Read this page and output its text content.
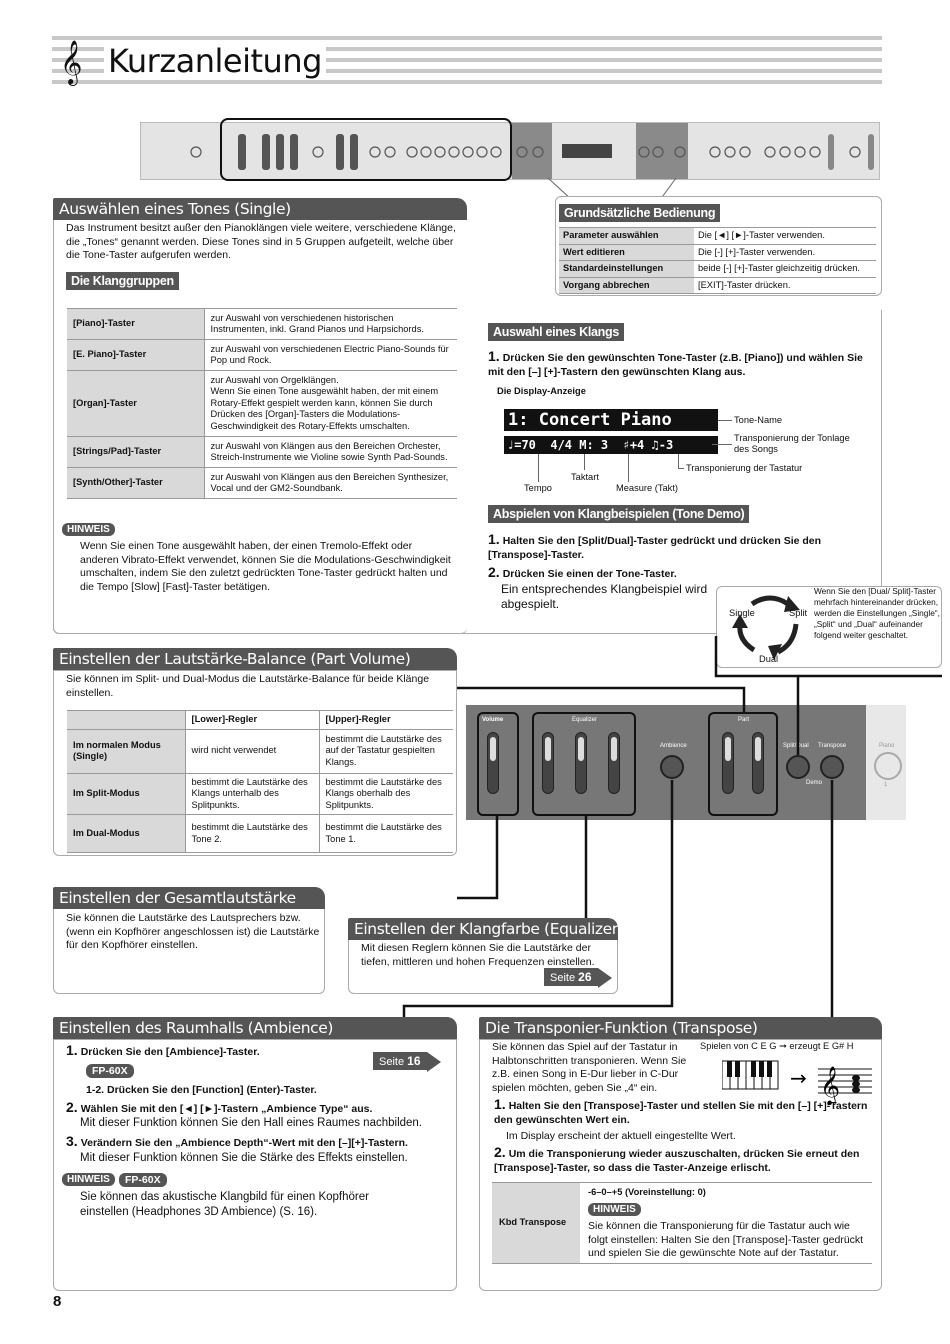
𝄞 Kurzanleitung
Auswählen eines Tones (Single)
Das Instrument besitzt außer den Pianoklängen viele weitere, verschiedene Klänge, die „Tones“ genannt werden. Diese Tones sind in 5 Gruppen aufgeteilt, welche über die Tone-Taster aufgerufen werden.
Die Klanggruppen
[Piano]-Taster	zur Auswahl von verschiedenen historischen Instrumenten, inkl. Grand Pianos und Harpsichords.
[E. Piano]-Taster	zur Auswahl von verschiedenen Electric Piano-Sounds für Pop und Rock.
[Organ]-Taster	zur Auswahl von Orgelklängen.
Wenn Sie einen Tone ausgewählt haben, der mit einem Rotary-Effekt gespielt werden kann, können Sie durch Drücken des [Organ]-Tasters die Modulations-Geschwindigkeit des Rotary-Effekts umschalten.
[Strings/Pad]-Taster	zur Auswahl von Klängen aus den Bereichen Orchester, Streich-Instrumente wie Violine sowie Synth Pad-Sounds.
[Synth/Other]-Taster	zur Auswahl von Klängen aus den Bereichen Synthesizer, Vocal und der GM2-Soundbank.
HINWEIS
Wenn Sie einen Tone ausgewählt haben, der einen Tremolo-Effekt oder anderen Vibrato-Effekt verwendet, können Sie die Modulations-Geschwindigkeit umschalten, indem Sie den zuletzt gedrückten Tone-Taster gedrückt halten und die Tempo [Slow] [Fast]-Taster betätigen.
Grundsätzliche Bedienung
Parameter auswählen	Die [◄] [►]-Taster verwenden.
Wert editieren	Die [-] [+]-Taster verwenden.
Standardeinstellungen	beide [-] [+]-Taster gleichzeitig drücken.
Vorgang abbrechen	[EXIT]-Taster drücken.
Auswahl eines Klangs
1. Drücken Sie den gewünschten Tone-Taster (z.B. [Piano]) und wählen Sie mit den [–] [+]-Tastern den gewünschten Klang aus.
Die Display-Anzeige
1: Concert Piano
♩=70  4/4 M: 3  ♯+4 ♫-3
Tone-Name
Transponierung der Tonlage des Songs
Transponierung der Tastatur
Taktart
Tempo	Measure (Takt)
Abspielen von Klangbeispielen (Tone Demo)
1. Halten Sie den [Split/Dual]-Taster gedrückt und drücken Sie den [Transpose]-Taster.
2. Drücken Sie einen der Tone-Taster.
Ein entsprechendes Klangbeispiel wird abgespielt.
Single	Split
Dual
Wenn Sie den [Dual/ Split]-Taster mehrfach hintereinander drücken, werden die Einstellungen „Single“, „Split“ und „Dual“ aufeinander folgend weiter geschaltet.
Einstellen der Lautstärke-Balance (Part Volume)
Sie können im Split- und Dual-Modus die Lautstärke-Balance für beide Klänge einstellen.
	[Lower]-Regler	[Upper]-Regler
Im normalen Modus (Single)	wird nicht verwendet	bestimmt die Lautstärke des auf der Tastatur gespielten Klangs.
Im Split-Modus	bestimmt die Lautstärke des Klangs unterhalb des Splitpunkts.	bestimmt die Lautstärke des Klangs oberhalb des Splitpunkts.
Im Dual-Modus	bestimmt die Lautstärke des Tone 2.	bestimmt die Lautstärke des Tone 1.
Volume	Equalizer
Ambience
Part
Split/Dual Transpose
Demo
Piano
1
Einstellen der Gesamtlautstärke
Sie können die Lautstärke des Lautsprechers bzw. (wenn ein Kopfhörer angeschlossen ist) die Lautstärke für den Kopfhörer einstellen.
Einstellen der Klangfarbe (Equalizer)
Mit diesen Reglern können Sie die Lautstärke der tiefen, mittleren und hohen Frequenzen einstellen.
Seite 26
Einstellen des Raumhalls (Ambience)
1. Drücken Sie den [Ambience]-Taster.
Seite 16
FP-60X
1-2. Drücken Sie den [Function] (Enter)-Taster.
2. Wählen Sie mit den [◄] [►]-Tastern „Ambience Type“ aus.
Mit dieser Funktion können Sie den Hall eines Raumes nachbilden.
3. Verändern Sie den „Ambience Depth“-Wert mit den [–][+]-Tastern.
Mit dieser Funktion können Sie die Stärke des Effekts einstellen.
HINWEIS	FP-60X
Sie können das akustische Klangbild für einen Kopfhörer einstellen (Headphones 3D Ambience) (S. 16).
Die Transponier-Funktion (Transpose)
Sie können das Spiel auf der Tastatur in Halbtonschritten transponieren. Wenn Sie z.B. einen Song in E-Dur lieber in C-Dur spielen möchten, geben Sie „4“ ein.
Spielen von C E G ➞ erzeugt E G# H
→ 𝄞
1. Halten Sie den [Transpose]-Taster und stellen Sie mit den [–] [+]-Tastern den gewünschten Wert ein.
Im Display erscheint der aktuell eingestellte Wert.
2. Um die Transponierung wieder auszuschalten, drücken Sie erneut den [Transpose]-Taster, so dass die Taster-Anzeige erlischt.
Kbd Transpose
-6–0–+5 (Voreinstellung: 0)
HINWEIS
Sie können die Transponierung für die Tastatur auch wie folgt einstellen: Halten Sie den [Transpose]-Taster gedrückt und spielen Sie die gewünschte Note auf der Tastatur.
8
